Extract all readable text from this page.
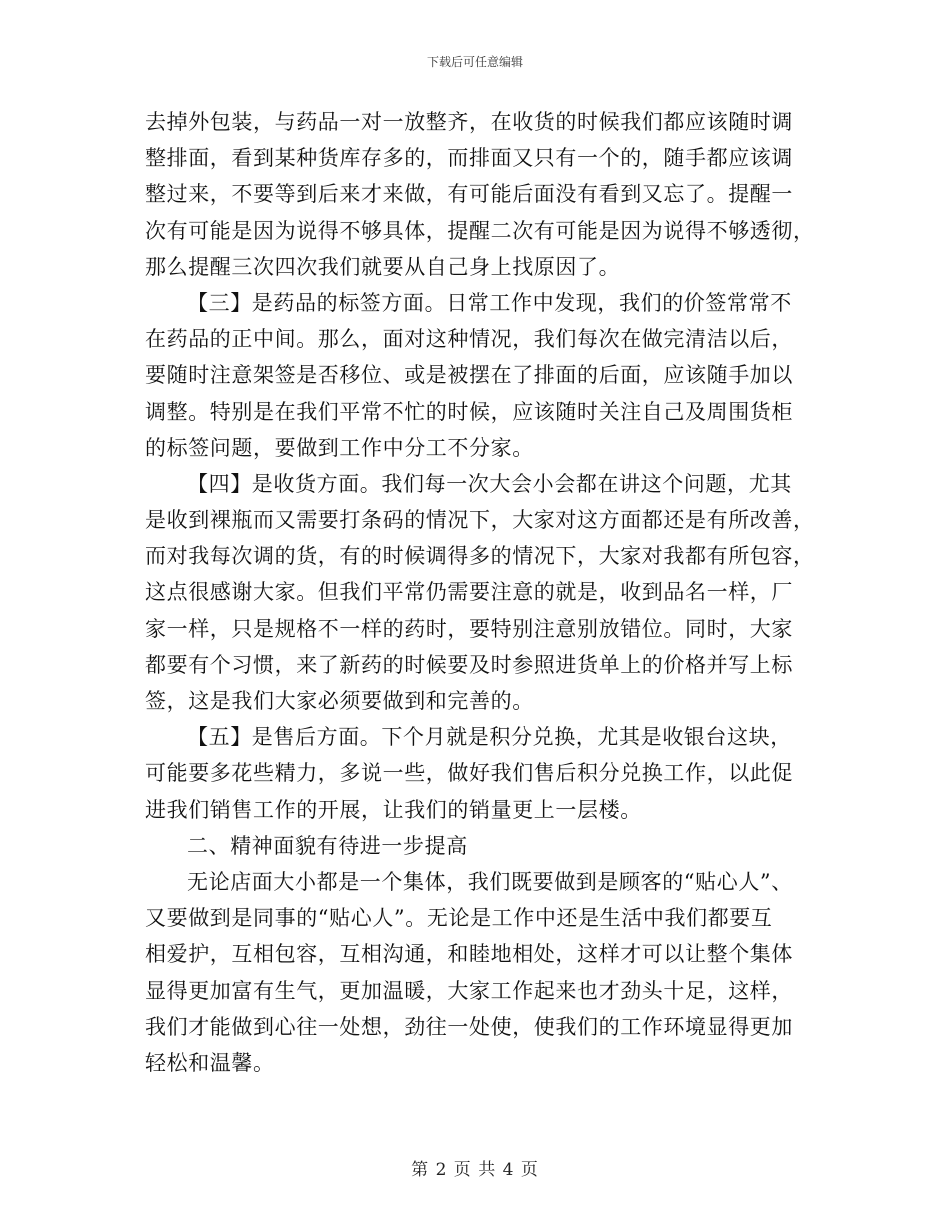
下载后可任意编辑
去掉外包装，与药品一对一放整齐，在收货的时候我们都应该随时调
整排面，看到某种货库存多的，而排面又只有一个的，随手都应该调
整过来，不要等到后来才来做，有可能后面没有看到又忘了。提醒一
次有可能是因为说得不够具体，提醒二次有可能是因为说得不够透彻，
那么提醒三次四次我们就要从自己身上找原因了。
【三】是药品的标签方面。日常工作中发现，我们的价签常常不
在药品的正中间。那么，面对这种情况，我们每次在做完清洁以后，
要随时注意架签是否移位、或是被摆在了排面的后面，应该随手加以
调整。特别是在我们平常不忙的时候，应该随时关注自己及周围货柜
的标签问题，要做到工作中分工不分家。
【四】是收货方面。我们每一次大会小会都在讲这个问题，尤其
是收到裸瓶而又需要打条码的情况下，大家对这方面都还是有所改善，
而对我每次调的货，有的时候调得多的情况下，大家对我都有所包容，
这点很感谢大家。但我们平常仍需要注意的就是，收到品名一样，厂
家一样，只是规格不一样的药时，要特别注意别放错位。同时，大家
都要有个习惯，来了新药的时候要及时参照进货单上的价格并写上标
签，这是我们大家必须要做到和完善的。
【五】是售后方面。下个月就是积分兑换，尤其是收银台这块，
可能要多花些精力，多说一些，做好我们售后积分兑换工作，以此促
进我们销售工作的开展，让我们的销量更上一层楼。
二、精神面貌有待进一步提高
无论店面大小都是一个集体，我们既要做到是顾客的“贴心人”、
又要做到是同事的“贴心人”。无论是工作中还是生活中我们都要互
相爱护，互相包容，互相沟通，和睦地相处，这样才可以让整个集体
显得更加富有生气，更加温暖，大家工作起来也才劲头十足，这样，
我们才能做到心往一处想，劲往一处使，使我们的工作环境显得更加
轻松和温馨。
第 2 页 共 4 页
